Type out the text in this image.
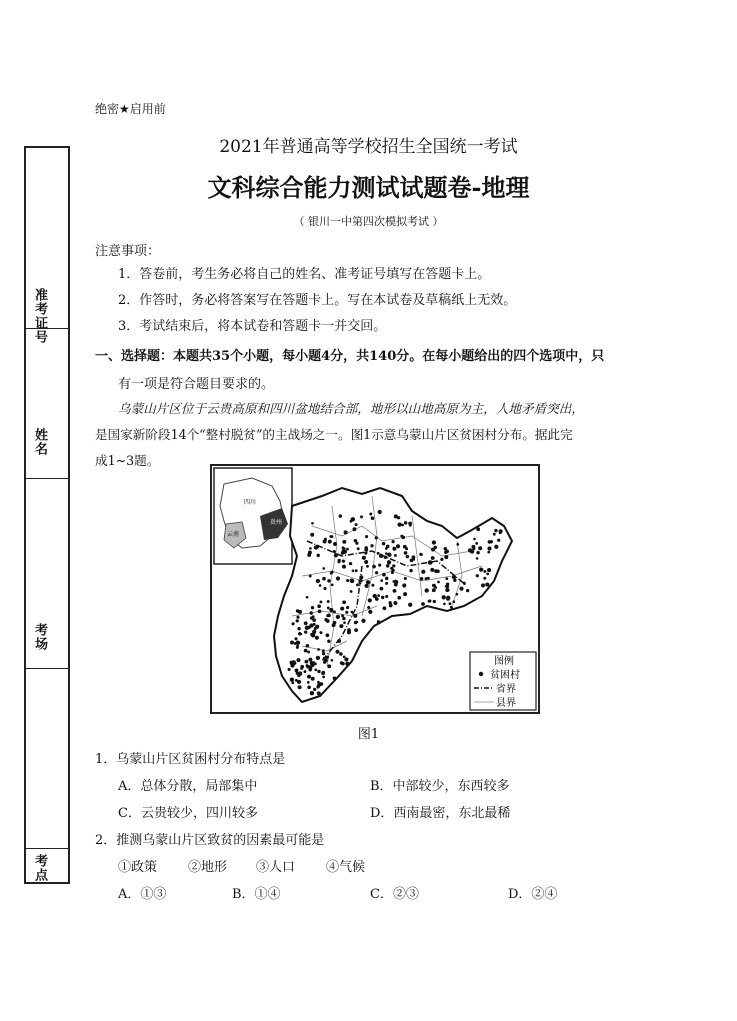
准考证号
姓名
考场
考点
绝密★启用前
2021年普通高等学校招生全国统一考试
文科综合能力测试试题卷-地理
（ 银川一中第四次模拟考试 ）
注意事项：
1．答卷前，考生务必将自己的姓名、准考证号填写在答题卡上。
2．作答时，务必将答案写在答题卡上。写在本试卷及草稿纸上无效。
3．考试结束后，将本试卷和答题卡一并交回。
一、选择题：本题共35个小题，每小题4分，共140分。在每小题给出的四个选项中，只
有一项是符合题目要求的。
乌蒙山片区位于云贵高原和四川盆地结合部，地形以山地高原为主，人地矛盾突出，
是国家新阶段14个“整村脱贫”的主战场之一。图1示意乌蒙山片区贫困村分布。据此完
成1~3题。
四川
贵州
云南
图例
贫困村
省界
县界
图1
1．乌蒙山片区贫困村分布特点是
A．总体分散，局部集中	B．中部较少，东西较多
C．云贵较少，四川较多	D．西南最密，东北最稀
2．推测乌蒙山片区致贫的因素最可能是
①政策 ②地形 ③人口 ④气候
A．①③	B．①④	C．②③	D．②④
